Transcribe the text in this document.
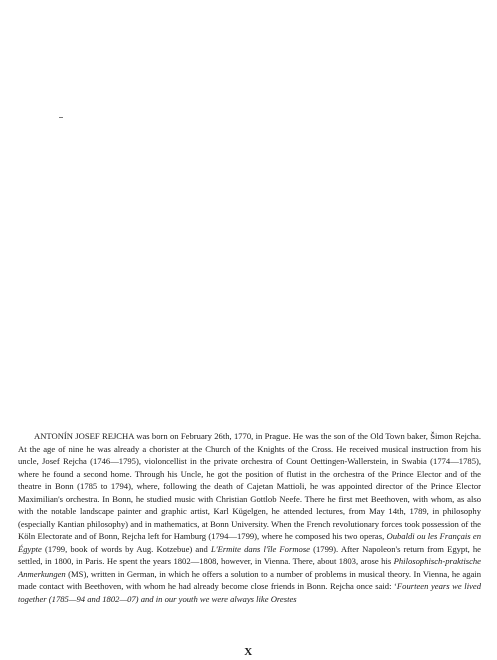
ANTONÍN JOSEF REJCHA was born on February 26th, 1770, in Prague. He was the son of the Old Town baker, Šimon Rejcha. At the age of nine he was already a chorister at the Church of the Knights of the Cross. He received musical instruction from his uncle, Josef Rejcha (1746—1795), violoncellist in the private orchestra of Count Oettingen-Wallerstein, in Swabia (1774—1785), where he found a second home. Through his Uncle, he got the position of flutist in the orchestra of the Prince Elector and of the theatre in Bonn (1785 to 1794), where, following the death of Cajetan Mattioli, he was appointed director of the Prince Elector Maximilian's orchestra. In Bonn, he studied music with Christian Gottlob Neefe. There he first met Beethoven, with whom, as also with the notable landscape painter and graphic artist, Karl Kügelgen, he attended lectures, from May 14th, 1789, in philosophy (especially Kantian philosophy) and in mathematics, at Bonn University. When the French revolutionary forces took possession of the Köln Electorate and of Bonn, Rejcha left for Hamburg (1794—1799), where he composed his two operas, Oubaldi ou les Français en Égypte (1799, book of words by Aug. Kotzebue) and L'Ermite dans l'île Formose (1799). After Napoleon's return from Egypt, he settled, in 1800, in Paris. He spent the years 1802—1808, however, in Vienna. There, about 1803, arose his Philosophisch-praktische Anmerkungen (MS), written in German, in which he offers a solution to a number of problems in musical theory. In Vienna, he again made contact with Beethoven, with whom he had already become close friends in Bonn. Rejcha once said: ‘Fourteen years we lived together (1785—94 and 1802—07) and in our youth we were always like Orestes

X
